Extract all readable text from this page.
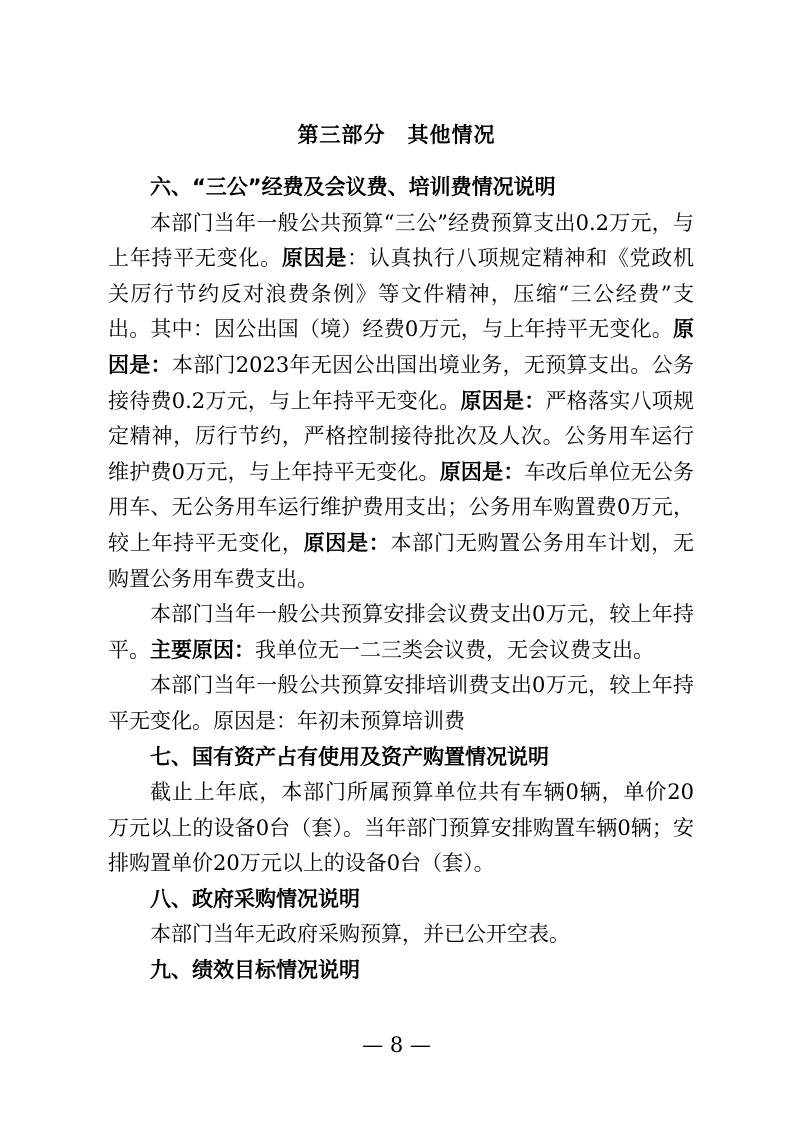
第三部分　其他情况

六、“三公”经费及会议费、培训费情况说明

本部门当年一般公共预算“三公”经费预算支出0.2万元，与上年持平无变化。原因是：认真执行八项规定精神和《党政机关厉行节约反对浪费条例》等文件精神，压缩“三公经费”支出。其中：因公出国（境）经费0万元，与上年持平无变化。原因是：本部门2023年无因公出国出境业务，无预算支出。公务接待费0.2万元，与上年持平无变化。原因是：严格落实八项规定精神，厉行节约，严格控制接待批次及人次。公务用车运行维护费0万元，与上年持平无变化。原因是：车改后单位无公务用车、无公务用车运行维护费用支出；公务用车购置费0万元，较上年持平无变化，原因是：本部门无购置公务用车计划，无购置公务用车费支出。

本部门当年一般公共预算安排会议费支出0万元，较上年持平。主要原因：我单位无一二三类会议费，无会议费支出。

本部门当年一般公共预算安排培训费支出0万元，较上年持平无变化。原因是：年初未预算培训费

七、国有资产占有使用及资产购置情况说明

截止上年底，本部门所属预算单位共有车辆0辆，单价20万元以上的设备0台（套）。当年部门预算安排购置车辆0辆；安排购置单价20万元以上的设备0台（套）。

八、政府采购情况说明

本部门当年无政府采购预算，并已公开空表。

九、绩效目标情况说明

— 8 —
